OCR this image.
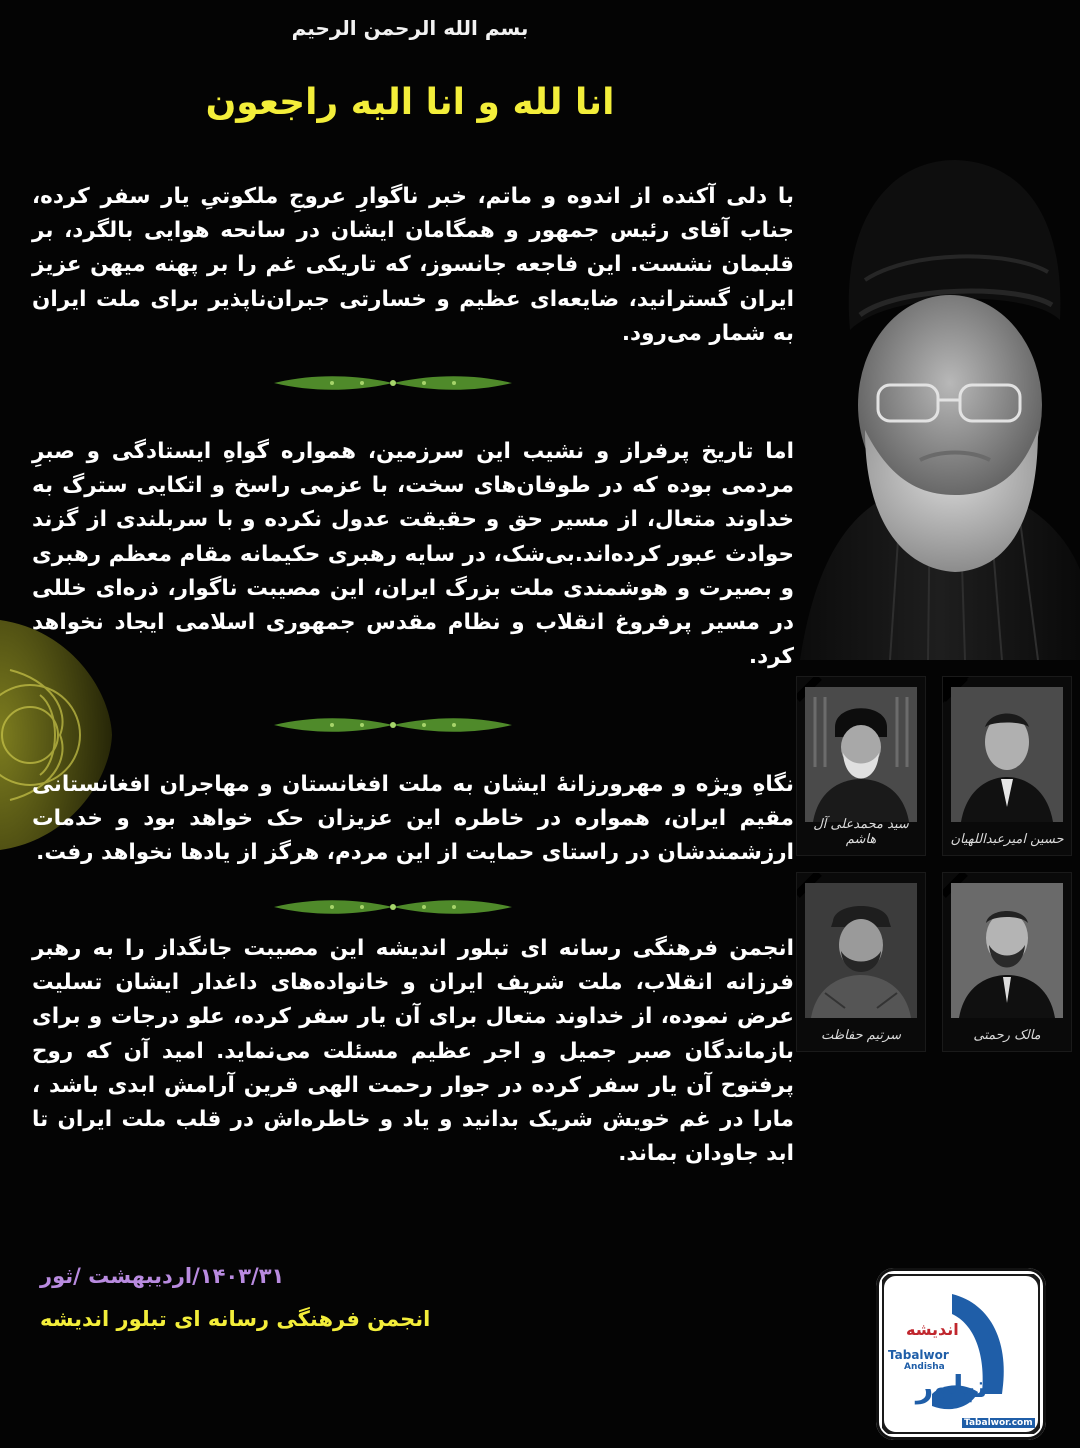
بسم الله الرحمن الرحیم
انا لله و انا الیه راجعون
حسین امیرعبداللهیان
سید محمدعلی آل هاشم
مالک رحمتی
سرتیم حفاظت

با دلی آکنده از اندوه و ماتم، خبر ناگوارِ عروجِ ملکوتیِ یار سفر کرده، جناب آقای رئیس جمهور و همگامان ایشان در سانحه هوایی بالگرد، بر قلبمان نشست. این فاجعه جانسوز، که تاریکی غم را بر پهنه میهن عزیز ایران گسترانید، ضایعه‌ای عظیم و خسارتی جبران‌ناپذیر برای ملت ایران به شمار می‌رود.

اما تاریخ پرفراز و نشیب این سرزمین، همواره گواهِ ایستادگی و صبرِ مردمی بوده که در طوفان‌های سخت، با عزمی راسخ و اتکایی سترگ به خداوند متعال، از مسیر حق و حقیقت عدول نکرده و با سربلندی از گزند حوادث عبور کرده‌اند.بی‌شک، در سایه رهبری حکیمانه مقام معظم رهبری و بصیرت و هوشمندی ملت بزرگ ایران، این مصیبت ناگوار، ذره‌ای خللی در مسیر پرفروغ انقلاب و نظام مقدس جمهوری اسلامی ایجاد نخواهد کرد.

نگاهِ ویژه و مهرورزانهٔ ایشان به ملت افغانستان و مهاجران افغانستانی مقیم ایران، همواره در خاطره این عزیزان حک خواهد بود و خدمات ارزشمندشان در راستای حمایت از این مردم، هرگز از یادها نخواهد رفت.

انجمن فرهنگی رسانه ای تبلور اندیشه این مصیبت جانگداز را به رهبر فرزانه انقلاب، ملت شریف ایران و خانواده‌های داغدار ایشان تسلیت عرض نموده، از خداوند متعال برای آن یار سفر کرده، علو درجات و برای بازماندگان صبر جمیل و اجر عظیم مسئلت می‌نماید. امید آن که روح پرفتوح آن یار سفر کرده در جوار رحمت الهی قرین آرامش ابدی باشد ، مارا در غم خویش شریک بدانید و یاد و خاطره‌اش در قلب ملت ایران تا ابد جاودان بماند.

۱۴۰۳/۳۱/اردیبهشت /ثور
انجمن فرهنگی رسانه ای تبلور اندیشه	اندیشه
Tabalwor
Andisha
تبلور
Tabalwor.com
